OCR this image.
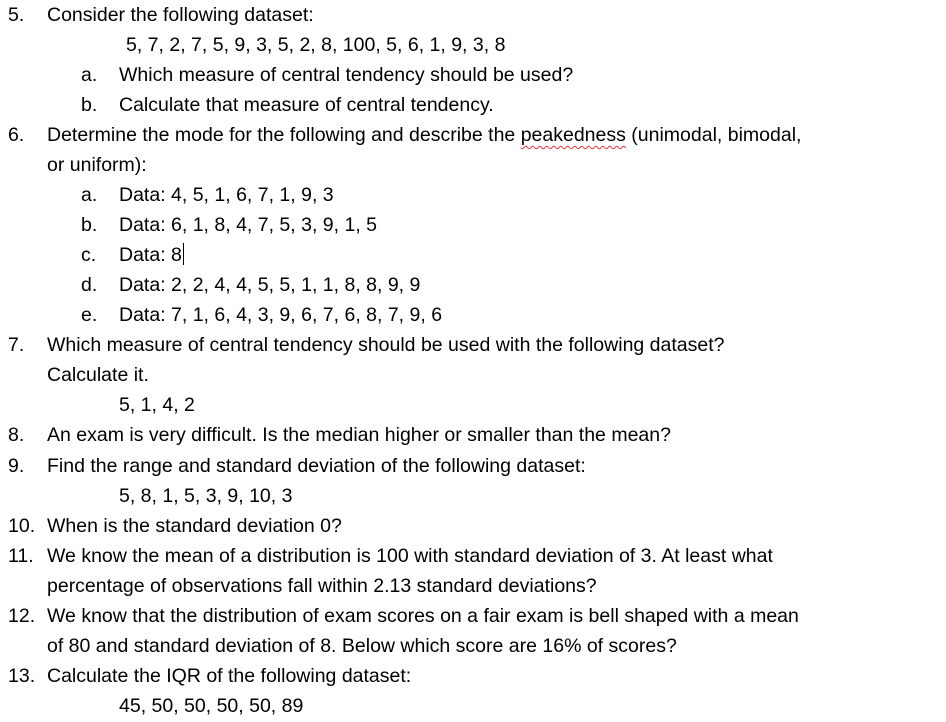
5. Consider the following dataset:
5, 7, 2, 7, 5, 9, 3, 5, 2, 8, 100, 5, 6, 1, 9, 3, 8
a. Which measure of central tendency should be used?
b. Calculate that measure of central tendency.
6. Determine the mode for the following and describe the peakedness (unimodal, bimodal,
or uniform):
a. Data: 4, 5, 1, 6, 7, 1, 9, 3
b. Data: 6, 1, 8, 4, 7, 5, 3, 9, 1, 5
c. Data: 8
d. Data: 2, 2, 4, 4, 5, 5, 1, 1, 8, 8, 9, 9
e. Data: 7, 1, 6, 4, 3, 9, 6, 7, 6, 8, 7, 9, 6
7. Which measure of central tendency should be used with the following dataset?
Calculate it.
5, 1, 4, 2
8. An exam is very difficult. Is the median higher or smaller than the mean?
9. Find the range and standard deviation of the following dataset:
5, 8, 1, 5, 3, 9, 10, 3
10. When is the standard deviation 0?
11. We know the mean of a distribution is 100 with standard deviation of 3. At least what
percentage of observations fall within 2.13 standard deviations?
12. We know that the distribution of exam scores on a fair exam is bell shaped with a mean
of 80 and standard deviation of 8. Below which score are 16% of scores?
13. Calculate the IQR of the following dataset:
45, 50, 50, 50, 50, 89
